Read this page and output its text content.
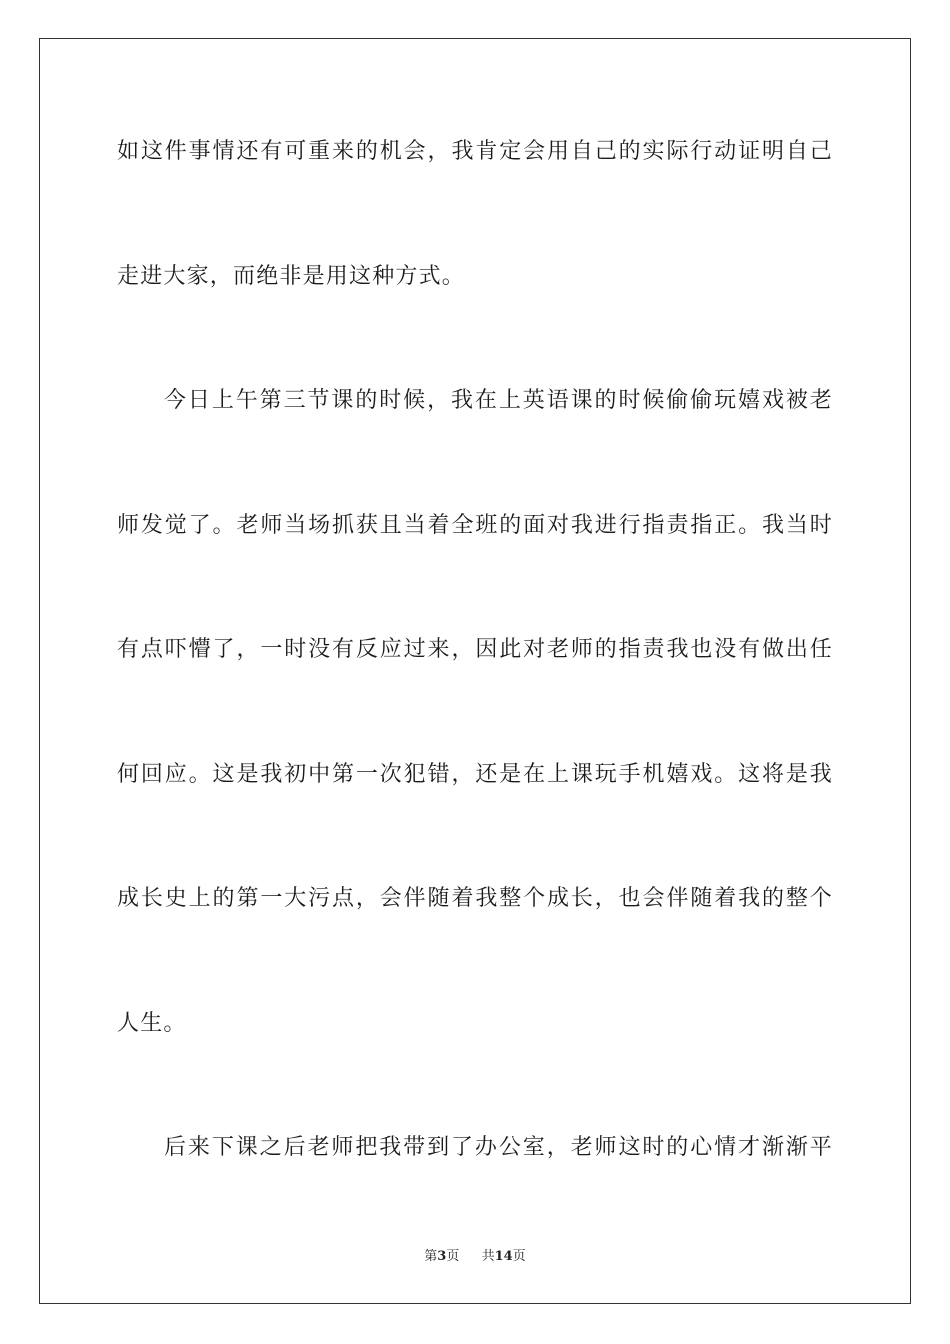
如这件事情还有可重来的机会，我肯定会用自己的实际行动证明自己
走进大家，而绝非是用这种方式。
今日上午第三节课的时候，我在上英语课的时候偷偷玩嬉戏被老
师发觉了。老师当场抓获且当着全班的面对我进行指责指正。我当时
有点吓懵了，一时没有反应过来，因此对老师的指责我也没有做出任
何回应。这是我初中第一次犯错，还是在上课玩手机嬉戏。这将是我
成长史上的第一大污点，会伴随着我整个成长，也会伴随着我的整个
人生。
后来下课之后老师把我带到了办公室，老师这时的心情才渐渐平
第3页 共14页
